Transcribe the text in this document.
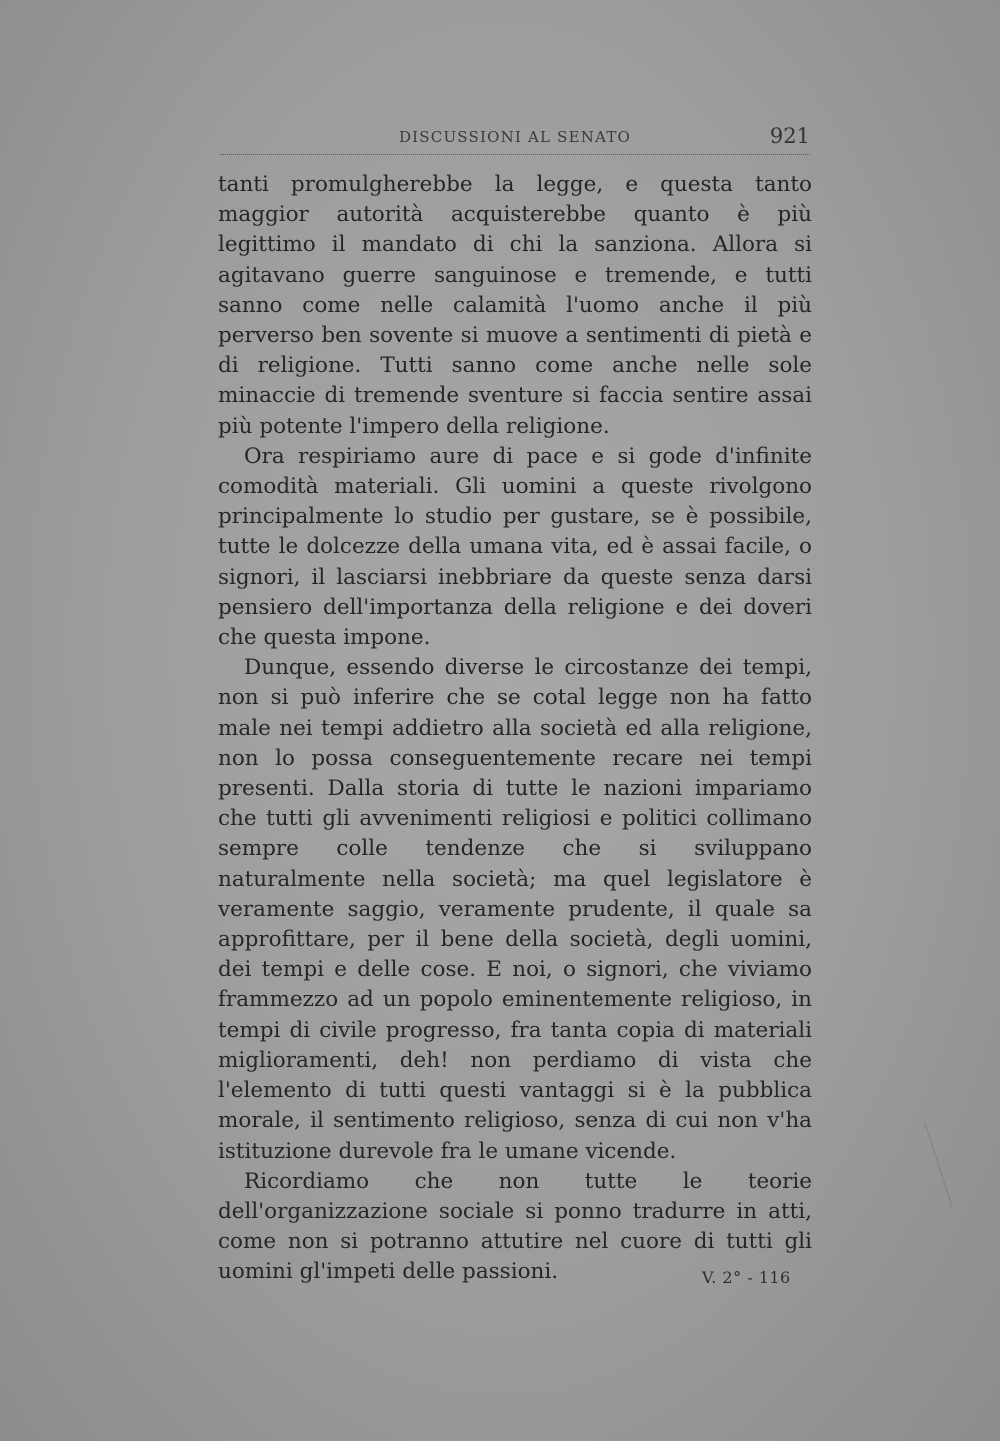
DISCUSSIONI AL SENATO	921

tanti promulgherebbe la legge, e questa tanto maggior autorità acquisterebbe quanto è più legittimo il mandato di chi la sanziona. Allora si agitavano guerre sanguinose e tremende, e tutti sanno come nelle calamità l'uomo anche il più perverso ben sovente si muove a sentimenti di pietà e di religione. Tutti sanno come anche nelle sole minaccie di tremende sventure si faccia sentire assai più potente l'impero della religione.

Ora respiriamo aure di pace e si gode d'infinite comodità materiali. Gli uomini a queste rivolgono principalmente lo studio per gustare, se è possibile, tutte le dolcezze della umana vita, ed è assai facile, o signori, il lasciarsi inebbriare da queste senza darsi pensiero dell'importanza della religione e dei doveri che questa impone.

Dunque, essendo diverse le circostanze dei tempi, non si può inferire che se cotal legge non ha fatto male nei tempi addietro alla società ed alla religione, non lo possa conseguentemente recare nei tempi presenti. Dalla storia di tutte le nazioni impariamo che tutti gli avvenimenti religiosi e politici collimano sempre colle tendenze che si sviluppano naturalmente nella società; ma quel legislatore è veramente saggio, veramente prudente, il quale sa approfittare, per il bene della società, degli uomini, dei tempi e delle cose. E noi, o signori, che viviamo frammezzo ad un popolo eminentemente religioso, in tempi di civile progresso, fra tanta copia di materiali miglioramenti, deh! non perdiamo di vista che l'elemento di tutti questi vantaggi si è la pubblica morale, il sentimento religioso, senza di cui non v'ha istituzione durevole fra le umane vicende.

Ricordiamo che non tutte le teorie dell'organizzazione sociale si ponno tradurre in atti, come non si potranno attutire nel cuore di tutti gli uomini gl'impeti delle passioni.	V. 2° - 116
